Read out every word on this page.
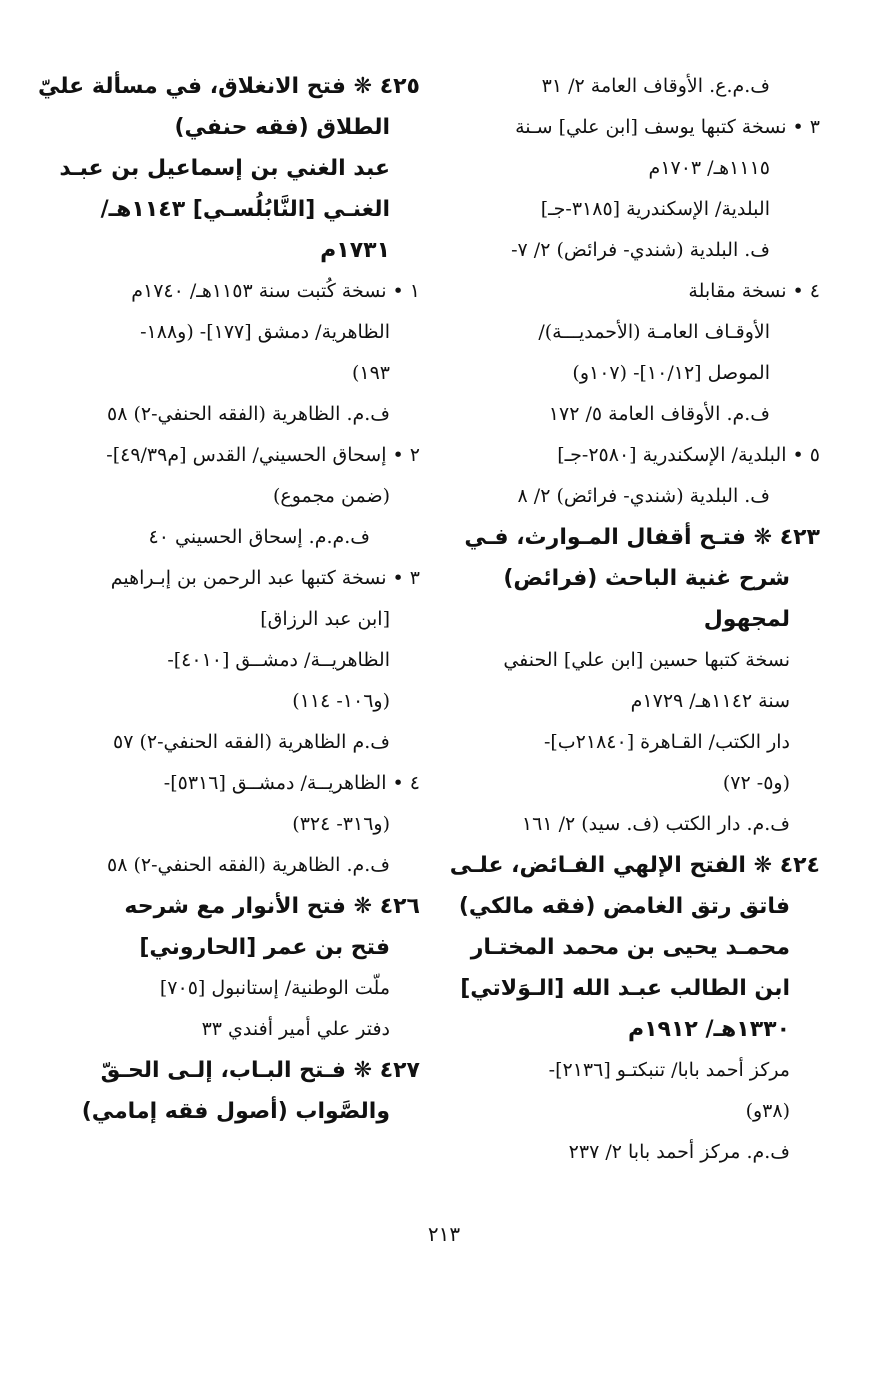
ف.م.ع. الأوقاف العامة ٢/ ٣١
٣ • نسخة كتبها يوسف [ابن علي] سـنة
١١١٥هـ/ ١٧٠٣م
البلدية/ الإسكندرية [٣١٨٥-جـ]
ف. البلدية (شندي- فرائض) ٢/ ٧-
٤ • نسخة مقابلة
الأوقـاف العامـة (الأحمديـــة)/
الموصل [١٠/١٢]- (١٠٧و)
ف.م. الأوقاف العامة ٥/ ١٧٢
٥ • البلدية/ الإسكندرية [٢٥٨٠-جـ]
ف. البلدية (شندي- فرائض) ٢/ ٨
٤٢٣ ❋ فتـح أقفال المـوارث، فـي
شرح غنية الباحث (فرائض)
لمجهول
نسخة كتبها حسين [ابن علي] الحنفي
سنة ١١٤٢هـ/ ١٧٢٩م
دار الكتب/ القـاهرة [٢١٨٤٠ب]-
(و٥- ٧٢)
ف.م. دار الكتب (ف. سيد) ٢/ ١٦١
٤٢٤ ❋ الفتح الإلهي الفـائض، علـى
فاتق رتق الغامض (فقه مالكي)
محمـد يحيى بن محمد المختـار
ابن الطالب عبـد الله [الـوَلاتي]
١٣٣٠هـ/ ١٩١٢م
مركز أحمد بابا/ تنبكتـو [٢١٣٦]-
(٣٨و)
ف.م. مركز أحمد بابا ٢/ ٢٣٧
٤٢٥ ❋ فتح الانغلاق، في مسألة عليّ
الطلاق (فقه حنفي)
عبد الغني بن إسماعيل بن عبـد
الغنـي [النَّابُلُسـي] ١١٤٣هـ/
١٧٣١م
١ • نسخة كُتبت سنة ١١٥٣هـ/ ١٧٤٠م
الظاهرية/ دمشق [١٧٧]- (و١٨٨-
١٩٣)
ف.م. الظاهرية (الفقه الحنفي-٢) ٥٨
٢ • إسحاق الحسيني/ القدس [م٤٩/٣٩]-
(ضمن مجموع)
ف.م.م. إسحاق الحسيني ٤٠
٣ • نسخة كتبها عبد الرحمن بن إبـراهيم
[ابن عبد الرزاق]
الظاهريــة/ دمشــق [٤٠١٠]-
(و١٠٦- ١١٤)
ف.م الظاهرية (الفقه الحنفي-٢) ٥٧
٤ • الظاهريــة/ دمشــق [٥٣١٦]-
(و٣١٦- ٣٢٤)
ف.م. الظاهرية (الفقه الحنفي-٢) ٥٨
٤٢٦ ❋ فتح الأنوار مع شرحه
فتح بن عمر [الحاروني]
ملّت الوطنية/ إستانبول [٧٠٥]
دفتر علي أمير أفندي ٣٣
٤٢٧ ❋ فـتح البـاب، إلـى الحـقّ
والصَّواب (أصول فقه إمامي)
٢١٣
